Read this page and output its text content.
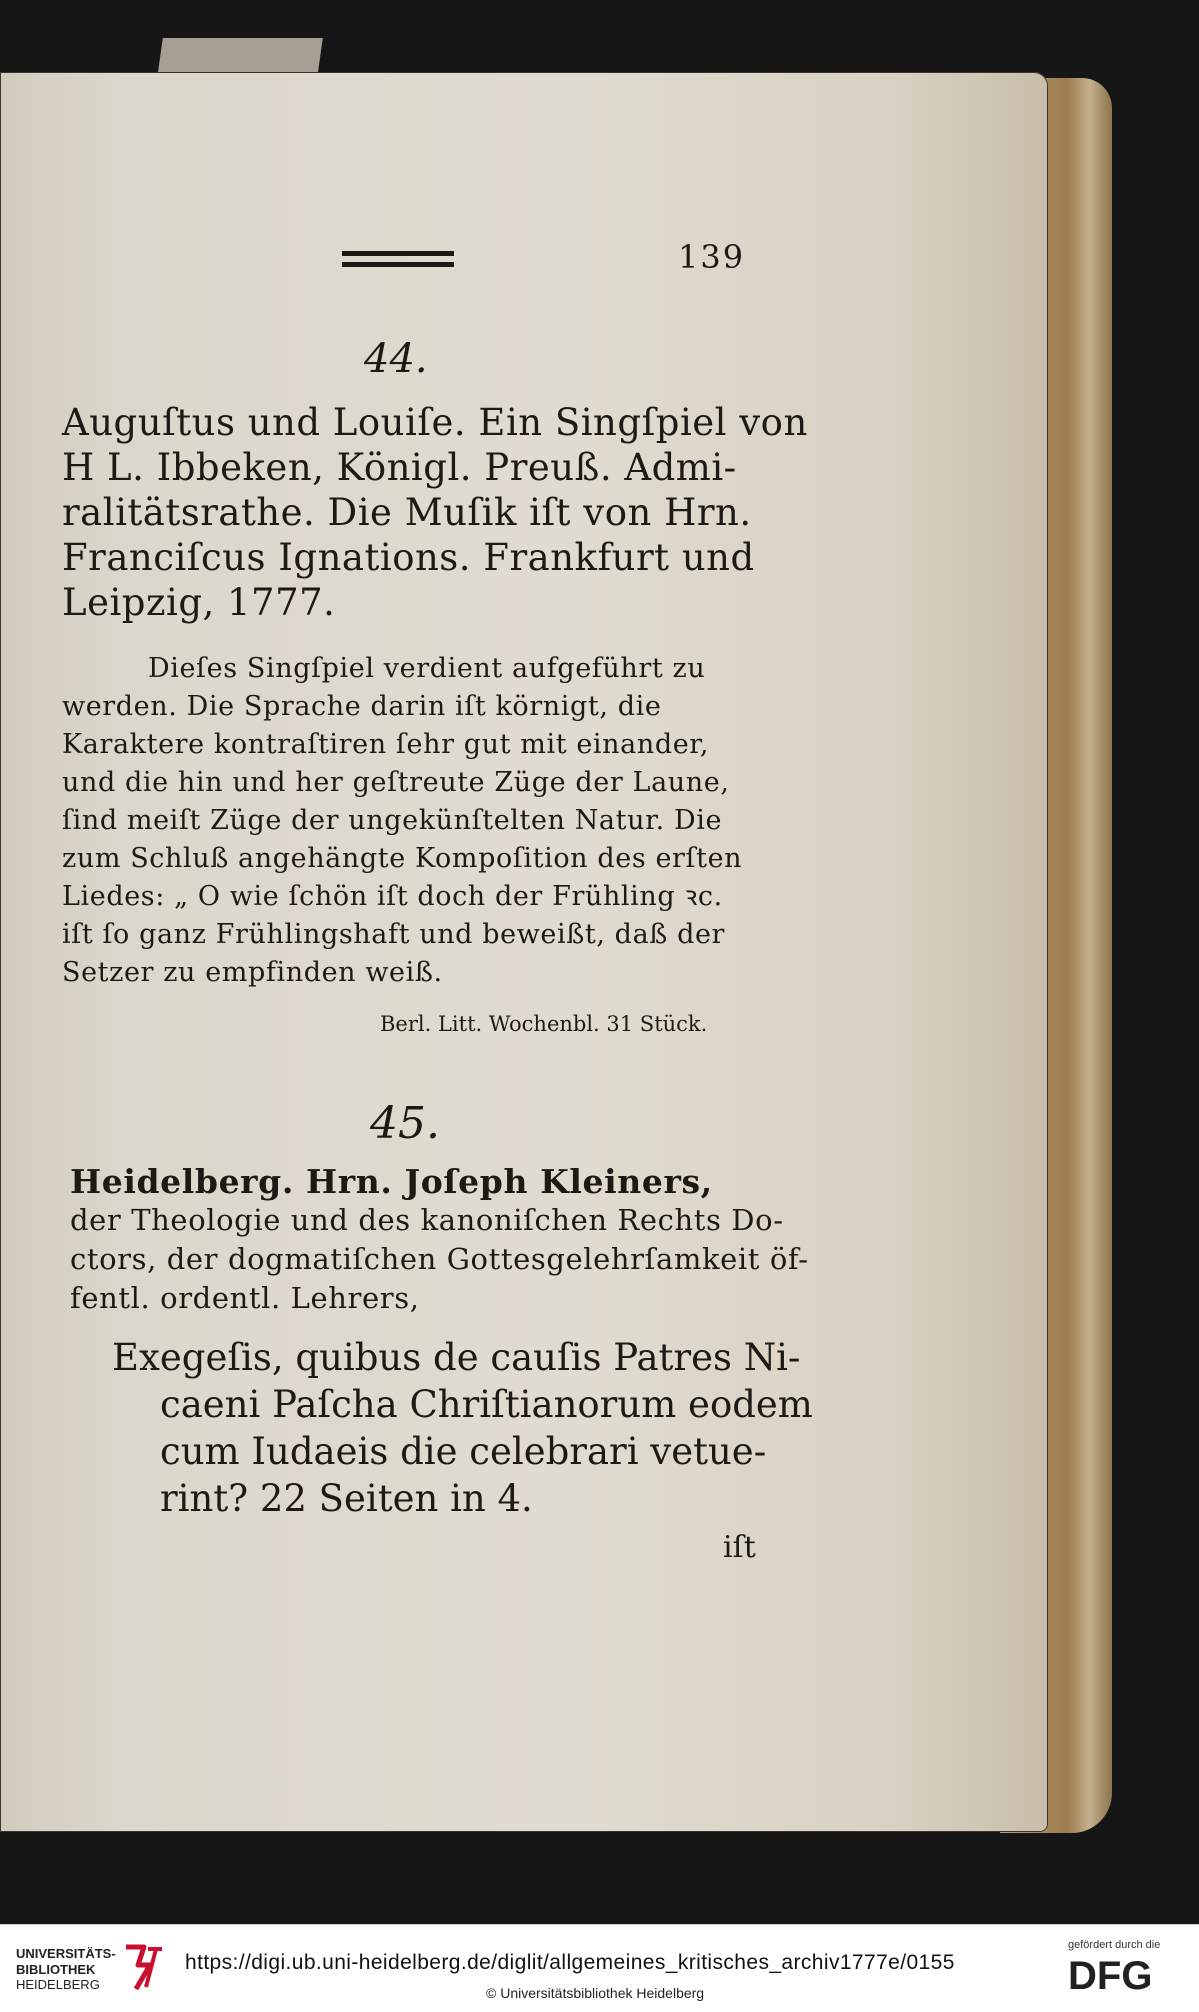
139

44.

Auguſtus und Louiſe. Ein Singſpiel von
H L. Ibbeken, Königl. Preuß. Admi-
ralitätsrathe. Die Muſik iſt von Hrn.
Franciſcus Ignations. Frankfurt und
Leipzig, 1777.
Dieſes Singſpiel verdient aufgeführt zu
werden. Die Sprache darin iſt körnigt, die
Karaktere kontraſtiren ſehr gut mit einander,
und die hin und her geſtreute Züge der Laune,
ſind meiſt Züge der ungekünſtelten Natur. Die
zum Schluß angehängte Kompoſition des erſten
Liedes: „ O wie ſchön iſt doch der Frühling ꝛc.
iſt ſo ganz Frühlingshaft und beweißt, daß der
Setzer zu empfinden weiß.

Berl. Litt. Wochenbl. 31 Stück.

45.

Heidelberg. Hrn. Joſeph Kleiners,
der Theologie und des kanoniſchen Rechts Do-
ctors, der dogmatiſchen Gottesgelehrſamkeit öf-
fentl. ordentl. Lehrers,
Exegeſis, quibus de cauſis Patres Ni-
caeni Paſcha Chriſtianorum eodem
cum Iudaeis die celebrari vetue-
rint? 22 Seiten in 4.

iſt

UNIVERSITÄTS-

BIBLIOTHEK

HEIDELBERG

https://digi.ub.uni-heidelberg.de/diglit/allgemeines_kritisches_archiv1777e/0155

© Universitätsbibliothek Heidelberg

gefördert durch die

DFG
